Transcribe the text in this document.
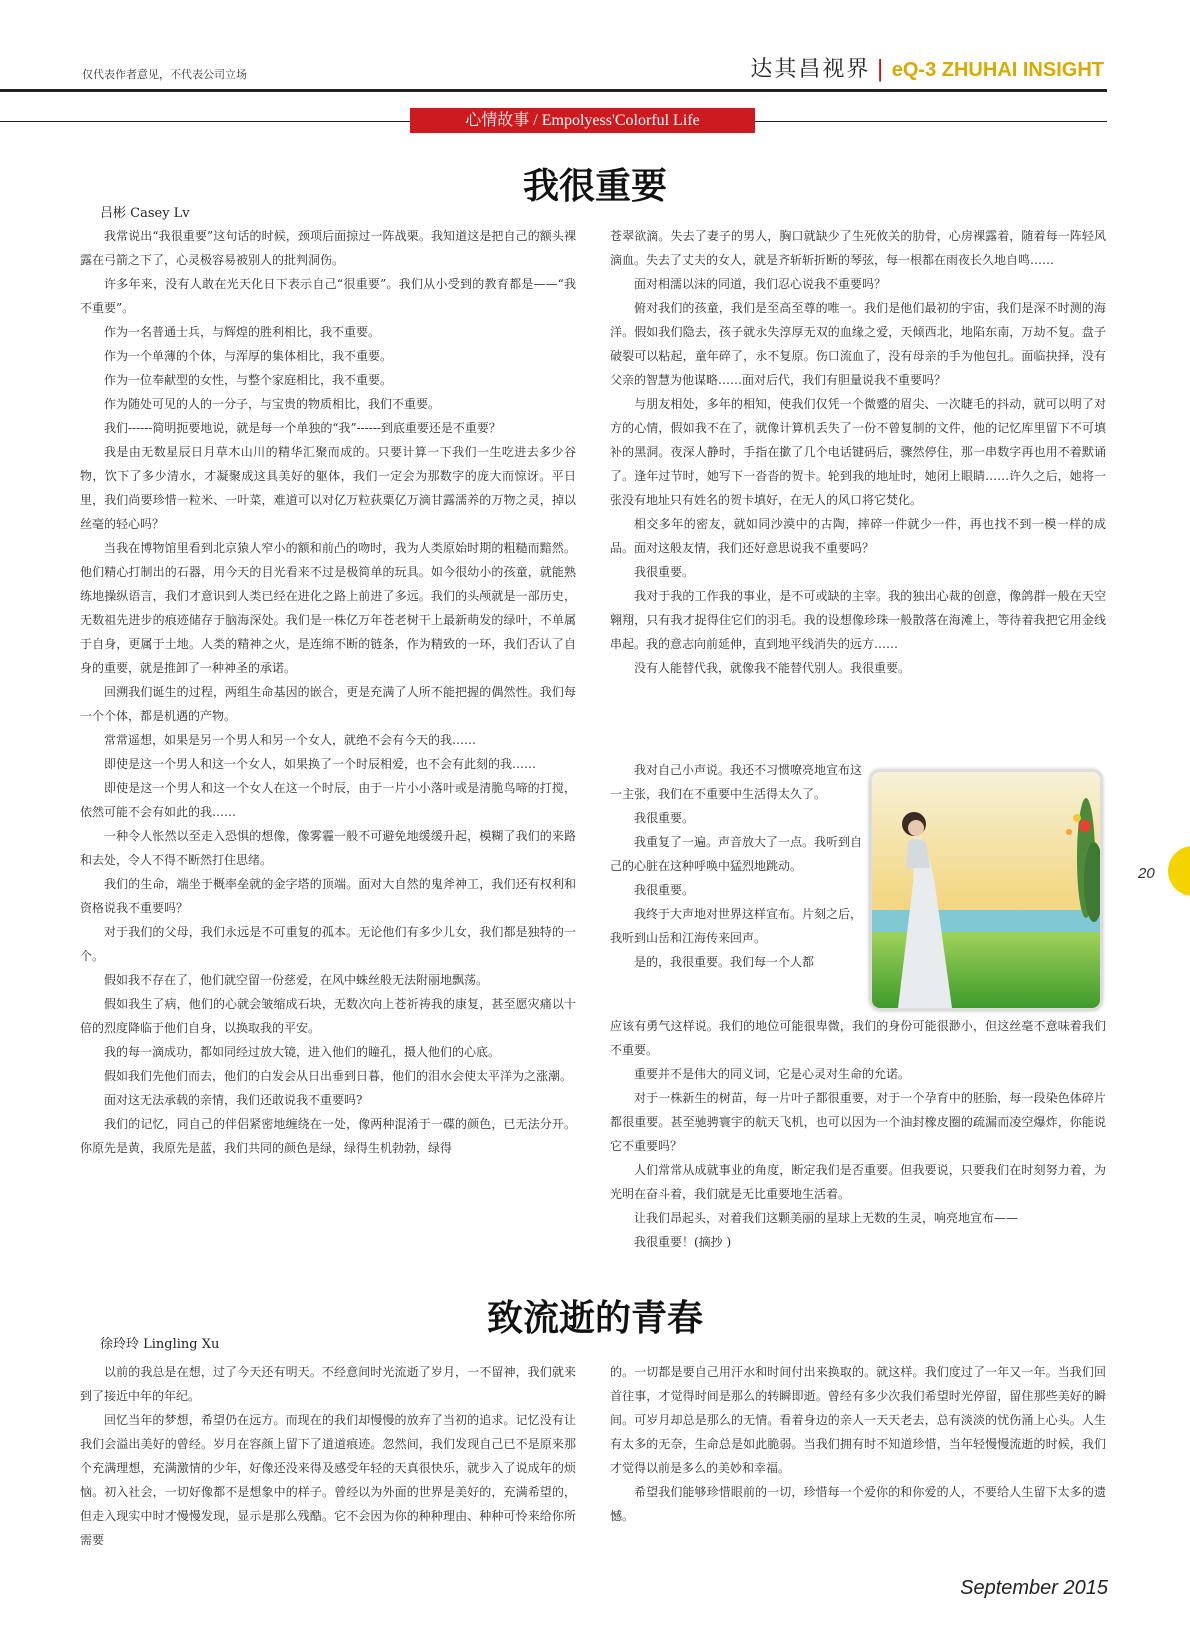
仅代表作者意见，不代表公司立场	达其昌视界 | eQ-3 ZHUHAI INSIGHT
心情故事 / Empolyess'Colorful Life
我很重要
吕彬 Casey Lv

我常说出“我很重要”这句话的时候，颈项后面掠过一阵战栗。我知道这是把自己的额头裸露在弓箭之下了，心灵极容易被别人的批判洞伤。

许多年来，没有人敢在光天化日下表示自己“很重要”。我们从小受到的教育都是——“我不重要”。

作为一名普通士兵，与辉煌的胜利相比，我不重要。

作为一个单薄的个体，与浑厚的集体相比，我不重要。

作为一位奉献型的女性，与整个家庭相比，我不重要。

作为随处可见的人的一分子，与宝贵的物质相比，我们不重要。

我们------简明扼要地说，就是每一个单独的“我”------到底重要还是不重要？

我是由无数星辰日月草木山川的精华汇聚而成的。只要计算一下我们一生吃进去多少谷物，饮下了多少清水，才凝聚成这具美好的躯体，我们一定会为那数字的庞大而惊讶。平日里，我们尚要珍惜一粒米、一叶菜，难道可以对亿万粒荻粟亿万滴甘露濡养的万物之灵，掉以丝毫的轻心吗？

当我在博物馆里看到北京猿人窄小的额和前凸的吻时，我为人类原始时期的粗糙而黯然。他们精心打制出的石器，用今天的目光看来不过是极简单的玩具。如今很幼小的孩童，就能熟练地操纵语言，我们才意识到人类已经在进化之路上前进了多远。我们的头颅就是一部历史，无数祖先进步的痕迹储存于脑海深处。我们是一株亿万年苍老树干上最新萌发的绿叶，不单属于自身，更属于土地。人类的精神之火，是连绵不断的链条，作为精致的一环，我们否认了自身的重要，就是推卸了一种神圣的承诺。

回溯我们诞生的过程，两组生命基因的嵌合，更是充满了人所不能把握的偶然性。我们每一个个体，都是机遇的产物。

常常遥想，如果是另一个男人和另一个女人，就绝不会有今天的我……

即使是这一个男人和这一个女人，如果换了一个时辰相爱，也不会有此刻的我……

即使是这一个男人和这一个女人在这一个时辰，由于一片小小落叶或是清脆鸟啼的打搅，依然可能不会有如此的我……

一种令人怅然以至走入恐惧的想像，像雾霾一般不可避免地缓缓升起，模糊了我们的来路和去处，令人不得不断然打住思绪。

我们的生命，端坐于概率垒就的金字塔的顶端。面对大自然的鬼斧神工，我们还有权利和资格说我不重要吗？

对于我们的父母，我们永远是不可重复的孤本。无论他们有多少儿女，我们都是独特的一个。

假如我不存在了，他们就空留一份慈爱，在风中蛛丝般无法附丽地飘荡。

假如我生了病，他们的心就会皱缩成石块，无数次向上苍祈祷我的康复，甚至愿灾痛以十倍的烈度降临于他们自身，以换取我的平安。

我的每一滴成功，都如同经过放大镜，进入他们的瞳孔，摄人他们的心底。

假如我们先他们而去，他们的白发会从日出垂到日暮，他们的泪水会使太平洋为之涨潮。

面对这无法承载的亲情，我们还敢说我不重要吗?

我们的记忆，同自己的伴侣紧密地缠绕在一处，像两种混淆于一碟的颜色，已无法分开。你原先是黄，我原先是蓝，我们共同的颜色是绿，绿得生机勃勃，绿得

苍翠欲滴。失去了妻子的男人，胸口就缺少了生死攸关的肋骨，心房裸露着，随着每一阵轻风滴血。失去了丈夫的女人，就是齐斩斩折断的琴弦，每一根都在雨夜长久地自鸣……

面对相濡以沫的同道，我们忍心说我不重要吗？

俯对我们的孩童，我们是至高至尊的唯一。我们是他们最初的宇宙，我们是深不时测的海洋。假如我们隐去，孩子就永失淳厚无双的血缘之爱，天倾西北，地陷东南，万劫不复。盘子破裂可以粘起，童年碎了，永不复原。伤口流血了，没有母亲的手为他包扎。面临抉择，没有父亲的智慧为他谋略……面对后代，我们有胆量说我不重要吗？

与朋友相处，多年的相知，使我们仅凭一个微蹙的眉尖、一次睫毛的抖动，就可以明了对方的心情，假如我不在了，就像计算机丢失了一份不曾复制的文件，他的记忆库里留下不可填补的黑洞。夜深人静时，手指在撳了几个电话键码后，骤然停住，那一串数字再也用不着默诵了。逢年过节时，她写下一沓沓的贺卡。轮到我的地址时，她闭上眼睛……许久之后，她将一张没有地址只有姓名的贺卡填好，在无人的风口将它焚化。

相交多年的密友，就如同沙漠中的古陶，摔碎一件就少一件，再也找不到一模一样的成品。面对这般友情，我们还好意思说我不重要吗？

我很重要。

我对于我的工作我的事业，是不可或缺的主宰。我的独出心裁的创意，像鸽群一般在天空翱翔，只有我才捉得住它们的羽毛。我的设想像珍珠一般散落在海滩上，等待着我把它用金线串起。我的意志向前延伸，直到地平线消失的远方……

没有人能替代我，就像我不能替代别人。我很重要。

我对自己小声说。我还不习惯嘹亮地宣布这一主张，我们在不重要中生活得太久了。

我很重要。

我重复了一遍。声音放大了一点。我听到自己的心脏在这种呼唤中猛烈地跳动。

我很重要。

我终于大声地对世界这样宣布。片刻之后，我听到山岳和江海传来回声。

是的，我很重要。我们每一个人都

应该有勇气这样说。我们的地位可能很卑微，我们的身份可能很渺小，但这丝毫不意味着我们不重要。

重要并不是伟大的同义词，它是心灵对生命的允诺。

对于一株新生的树苗，每一片叶子都很重要，对于一个孕育中的胚胎，每一段染色体碎片都很重要。甚至驰骋寰宇的航天飞机，也可以因为一个油封橡皮圈的疏漏而凌空爆炸，你能说它不重要吗？

人们常常从成就事业的角度，断定我们是否重要。但我要说，只要我们在时刻努力着，为光明在奋斗着，我们就是无比重要地生活着。

让我们昂起头，对着我们这颗美丽的星球上无数的生灵，响亮地宣布——

我很重要！(摘抄 )

致流逝的青春
徐玲玲 Lingling Xu

以前的我总是在想，过了今天还有明天。不经意间时光流逝了岁月，一不留神，我们就来到了接近中年的年纪。

回忆当年的梦想，希望仍在远方。而现在的我们却慢慢的放弃了当初的追求。记忆没有让我们会溢出美好的曾经。岁月在容颜上留下了道道痕迹。忽然间，我们发现自己已不是原来那个充满理想，充满激情的少年，好像还没来得及感受年轻的天真很快乐，就步入了说成年的烦恼。初入社会，一切好像都不是想象中的样子。曾经以为外面的世界是美好的，充满希望的，但走入现实中时才慢慢发现，显示是那么残酷。它不会因为你的种种理由、种种可怜来给你所需要

的。一切都是要自己用汗水和时间付出来换取的。就这样。我们度过了一年又一年。当我们回首往事，才觉得时间是那么的转瞬即逝。曾经有多少次我们希望时光停留，留住那些美好的瞬间。可岁月却总是那么的无情。看着身边的亲人一天天老去，总有淡淡的忧伤涌上心头。人生有太多的无奈，生命总是如此脆弱。当我们拥有时不知道珍惜，当年轻慢慢流逝的时候，我们才觉得以前是多么的美妙和幸福。

希望我们能够珍惜眼前的一切，珍惜每一个爱你的和你爱的人，不要给人生留下太多的遗憾。

20
September 2015
